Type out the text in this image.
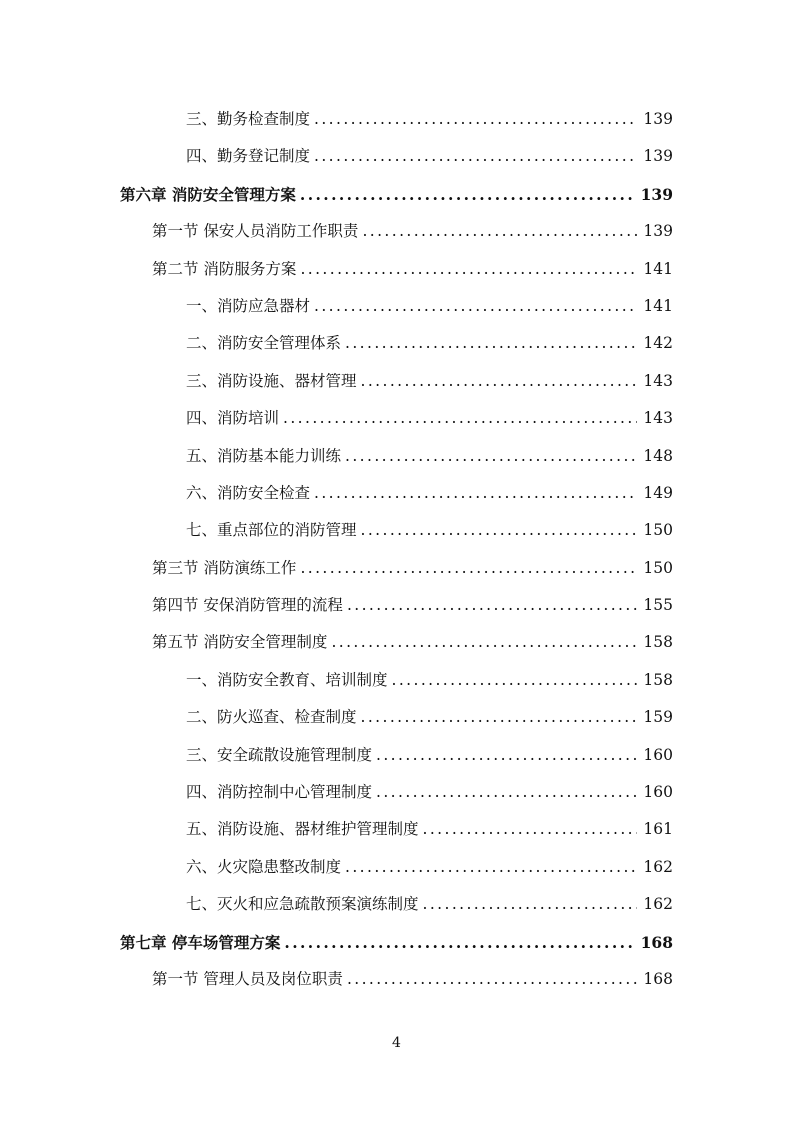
三、勤务检查制度 .....	139
四、勤务登记制度 .....	139
第六章 消防安全管理方案 .....	139
第一节 保安人员消防工作职责 .....	139
第二节 消防服务方案 .....	141
一、消防应急器材 .....	141
二、消防安全管理体系 .....	142
三、消防设施、器材管理 .....	143
四、消防培训 .....	143
五、消防基本能力训练 .....	148
六、消防安全检查 .....	149
七、重点部位的消防管理 .....	150
第三节 消防演练工作 .....	150
第四节 安保消防管理的流程 .....	155
第五节 消防安全管理制度 .....	158
一、消防安全教育、培训制度 .....	158
二、防火巡查、检查制度 .....	159
三、安全疏散设施管理制度 .....	160
四、消防控制中心管理制度 .....	160
五、消防设施、器材维护管理制度 .....	161
六、火灾隐患整改制度 .....	162
七、灭火和应急疏散预案演练制度 .....	162
第七章 停车场管理方案 .....	168
第一节 管理人员及岗位职责 .....	168
4
